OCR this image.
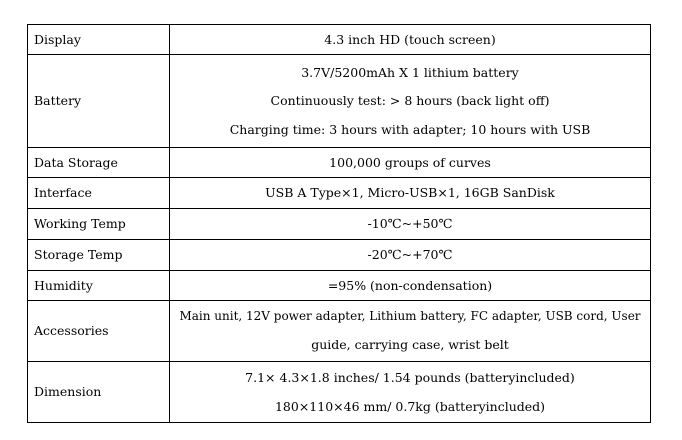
Display	4.3 inch HD (touch screen)

Battery	3.7V/5200mAh X 1 lithium battery
Continuously test: > 8 hours (back light off)
Charging time: 3 hours with adapter; 10 hours with USB

Data Storage	100,000 groups of curves

Interface	USB A Type×1, Micro-USB×1, 16GB SanDisk

Working Temp	-10℃~+50℃

Storage Temp	-20℃~+70℃

Humidity	=95% (non-condensation)

Accessories	Main unit, 12V power adapter, Lithium battery, FC adapter, USB cord, User
guide, carrying case, wrist belt

Dimension	7.1× 4.3×1.8 inches/ 1.54 pounds (batteryincluded)
180×110×46 mm/ 0.7kg (batteryincluded)
